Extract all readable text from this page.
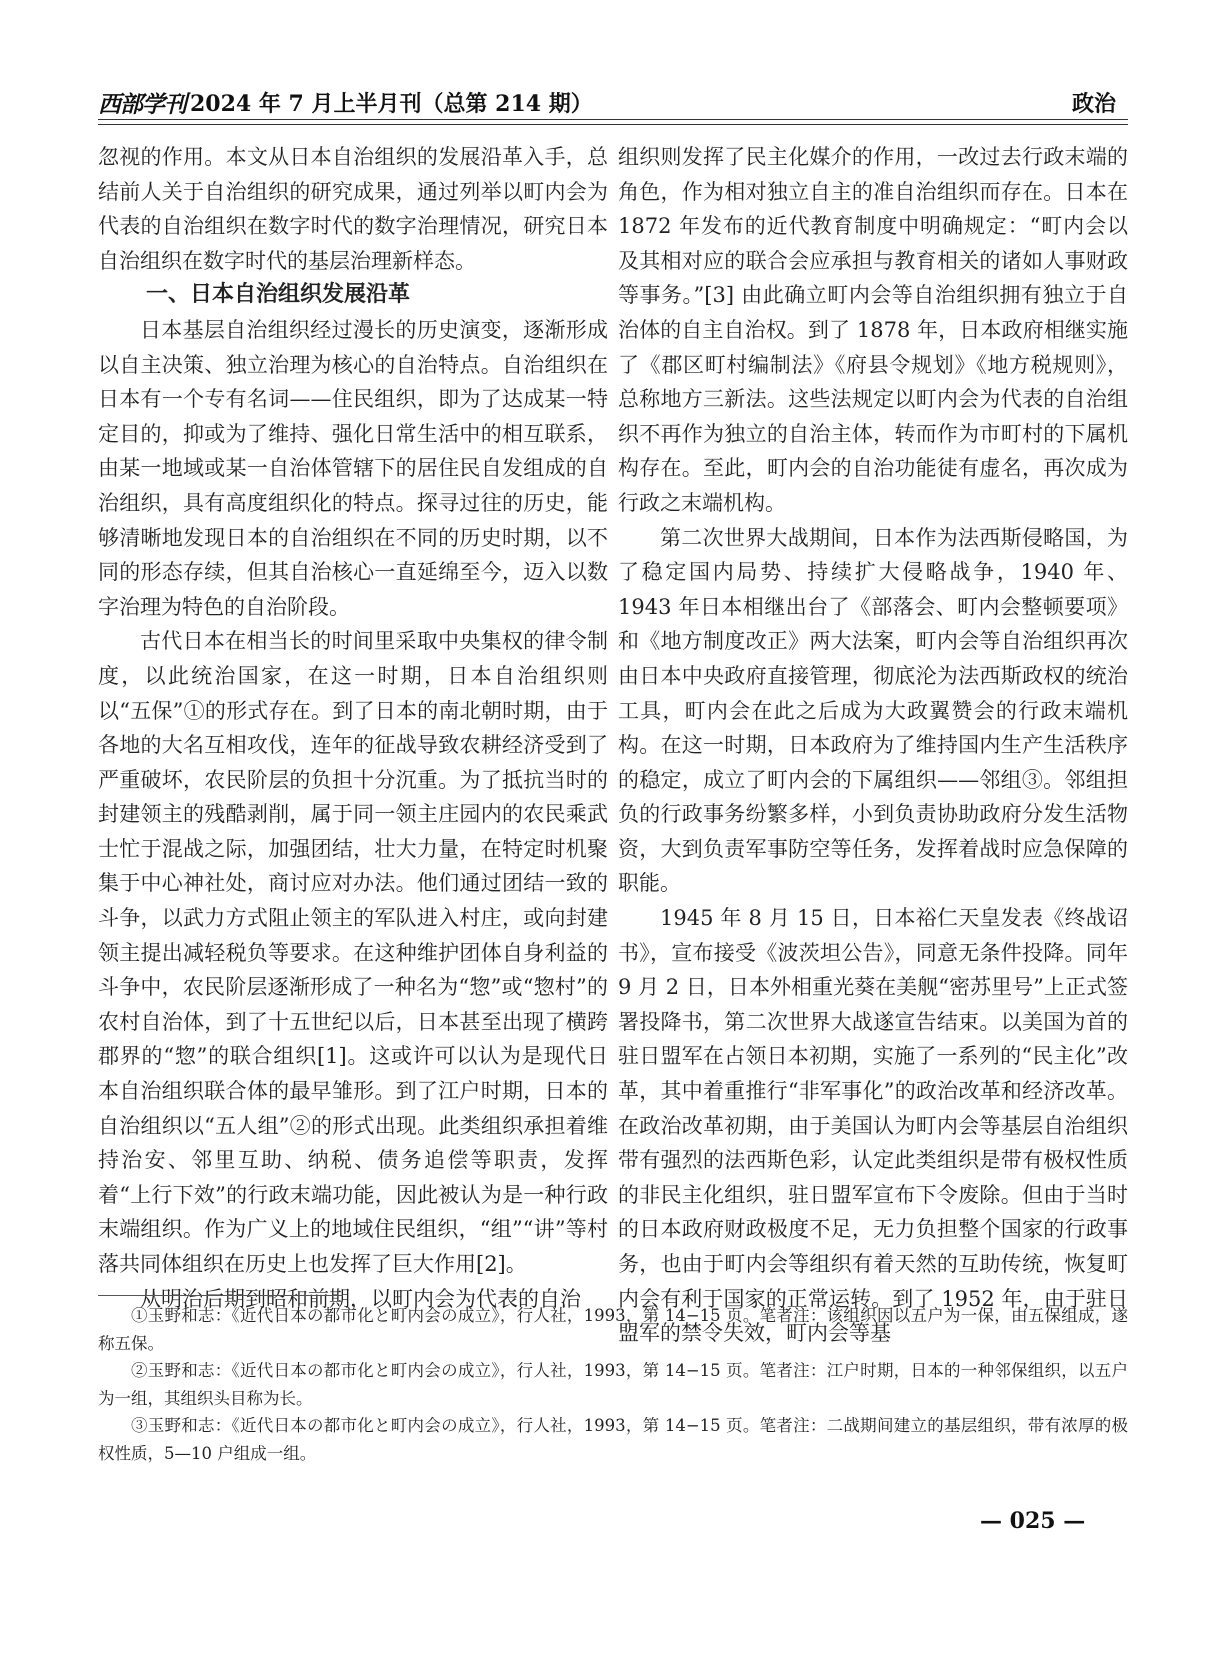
西部学刊 2024 年 7 月上半月刊（总第 214 期）	政治

忽视的作用。本文从日本自治组织的发展沿革入手，总结前人关于自治组织的研究成果，通过列举以町内会为代表的自治组织在数字时代的数字治理情况，研究日本自治组织在数字时代的基层治理新样态。

一、日本自治组织发展沿革

日本基层自治组织经过漫长的历史演变，逐渐形成以自主决策、独立治理为核心的自治特点。自治组织在日本有一个专有名词——住民组织，即为了达成某一特定目的，抑或为了维持、强化日常生活中的相互联系，由某一地域或某一自治体管辖下的居住民自发组成的自治组织，具有高度组织化的特点。探寻过往的历史，能够清晰地发现日本的自治组织在不同的历史时期，以不同的形态存续，但其自治核心一直延绵至今，迈入以数字治理为特色的自治阶段。

古代日本在相当长的时间里采取中央集权的律令制度，以此统治国家，在这一时期，日本自治组织则以“五保”①的形式存在。到了日本的南北朝时期，由于各地的大名互相攻伐，连年的征战导致农耕经济受到了严重破坏，农民阶层的负担十分沉重。为了抵抗当时的封建领主的残酷剥削，属于同一领主庄园内的农民乘武士忙于混战之际，加强团结，壮大力量，在特定时机聚集于中心神社处，商讨应对办法。他们通过团结一致的斗争，以武力方式阻止领主的军队进入村庄，或向封建领主提出减轻税负等要求。在这种维护团体自身利益的斗争中，农民阶层逐渐形成了一种名为“惣”或“惣村”的农村自治体，到了十五世纪以后，日本甚至出现了横跨郡界的“惣”的联合组织[1]。这或许可以认为是现代日本自治组织联合体的最早雏形。到了江户时期，日本的自治组织以“五人组”②的形式出现。此类组织承担着维持治安、邻里互助、纳税、债务追偿等职责，发挥着“上行下效”的行政末端功能，因此被认为是一种行政末端组织。作为广义上的地域住民组织，“组”“讲”等村落共同体组织在历史上也发挥了巨大作用[2]。

从明治后期到昭和前期，以町内会为代表的自治

组织则发挥了民主化媒介的作用，一改过去行政末端的角色，作为相对独立自主的准自治组织而存在。日本在 1872 年发布的近代教育制度中明确规定：“町内会以及其相对应的联合会应承担与教育相关的诸如人事财政等事务。”[3] 由此确立町内会等自治组织拥有独立于自治体的自主自治权。到了 1878 年，日本政府相继实施了《郡区町村编制法》《府县令规划》《地方税规则》，总称地方三新法。这些法规定以町内会为代表的自治组织不再作为独立的自治主体，转而作为市町村的下属机构存在。至此，町内会的自治功能徒有虚名，再次成为行政之末端机构。

第二次世界大战期间，日本作为法西斯侵略国，为了稳定国内局势、持续扩大侵略战争，1940 年、1943 年日本相继出台了《部落会、町内会整顿要项》和《地方制度改正》两大法案，町内会等自治组织再次由日本中央政府直接管理，彻底沦为法西斯政权的统治工具，町内会在此之后成为大政翼赞会的行政末端机构。在这一时期，日本政府为了维持国内生产生活秩序的稳定，成立了町内会的下属组织——邻组③。邻组担负的行政事务纷繁多样，小到负责协助政府分发生活物资，大到负责军事防空等任务，发挥着战时应急保障的职能。

1945 年 8 月 15 日，日本裕仁天皇发表《终战诏书》，宣布接受《波茨坦公告》，同意无条件投降。同年 9 月 2 日，日本外相重光葵在美舰“密苏里号”上正式签署投降书，第二次世界大战遂宣告结束。以美国为首的驻日盟军在占领日本初期，实施了一系列的“民主化”改革，其中着重推行“非军事化”的政治改革和经济改革。在政治改革初期，由于美国认为町内会等基层自治组织带有强烈的法西斯色彩，认定此类组织是带有极权性质的非民主化组织，驻日盟军宣布下令废除。但由于当时的日本政府财政极度不足，无力负担整个国家的行政事务，也由于町内会等组织有着天然的互助传统，恢复町内会有利于国家的正常运转。到了 1952 年，由于驻日盟军的禁令失效，町内会等基

①玉野和志：《近代日本の都市化と町内会の成立》，行人社，1993，第 14−15 页。笔者注：该组织因以五户为一保，由五保组成，遂称五保。

②玉野和志：《近代日本の都市化と町内会の成立》，行人社，1993，第 14−15 页。笔者注：江户时期，日本的一种邻保组织，以五户为一组，其组织头目称为长。

③玉野和志：《近代日本の都市化と町内会の成立》，行人社，1993，第 14−15 页。笔者注：二战期间建立的基层组织，带有浓厚的极权性质，5—10 户组成一组。

— 025 —
